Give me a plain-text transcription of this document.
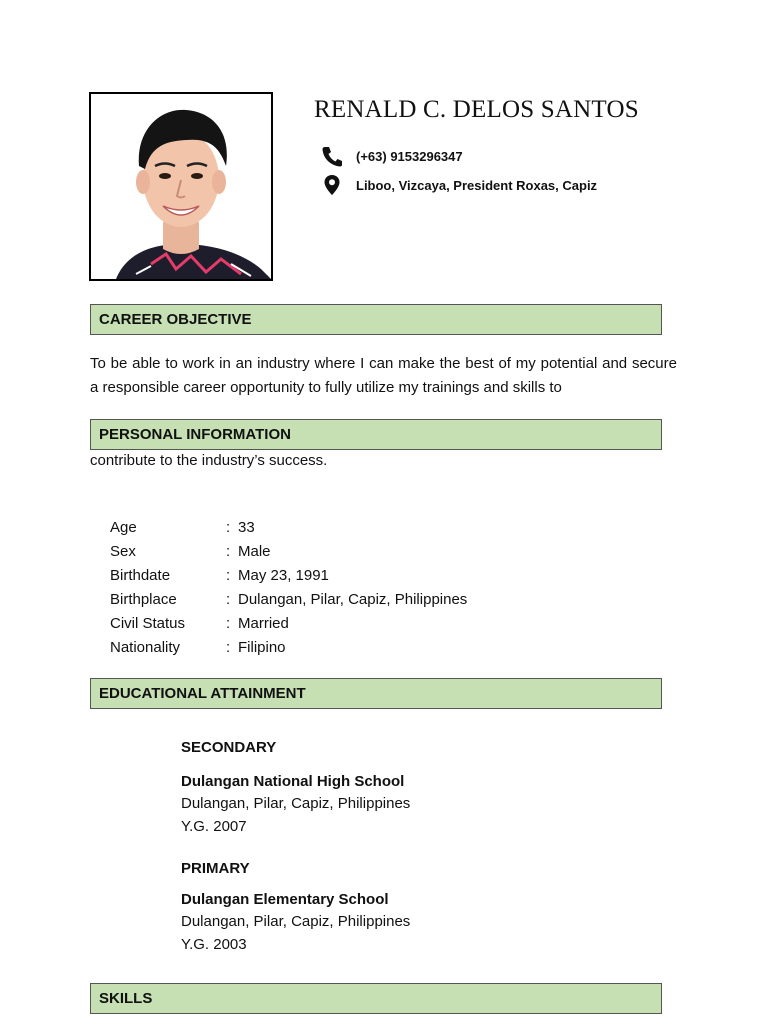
RENALD C. DELOS SANTOS
(+63) 9153296347
Liboo, Vizcaya, President Roxas, Capiz
CAREER OBJECTIVE
To be able to work in an industry where I can make the best of my potential and secure a responsible career opportunity to fully utilize my trainings and skills to
PERSONAL INFORMATION
contribute to the industry’s success.
Age	: 33
Sex	: Male
Birthdate	: May 23, 1991
Birthplace	: Dulangan, Pilar, Capiz, Philippines
Civil Status	: Married
Nationality	: Filipino
EDUCATIONAL ATTAINMENT
SECONDARY
Dulangan National High School
Dulangan, Pilar, Capiz, Philippines
Y.G. 2007
PRIMARY
Dulangan Elementary School
Dulangan, Pilar, Capiz, Philippines
Y.G. 2003
SKILLS
